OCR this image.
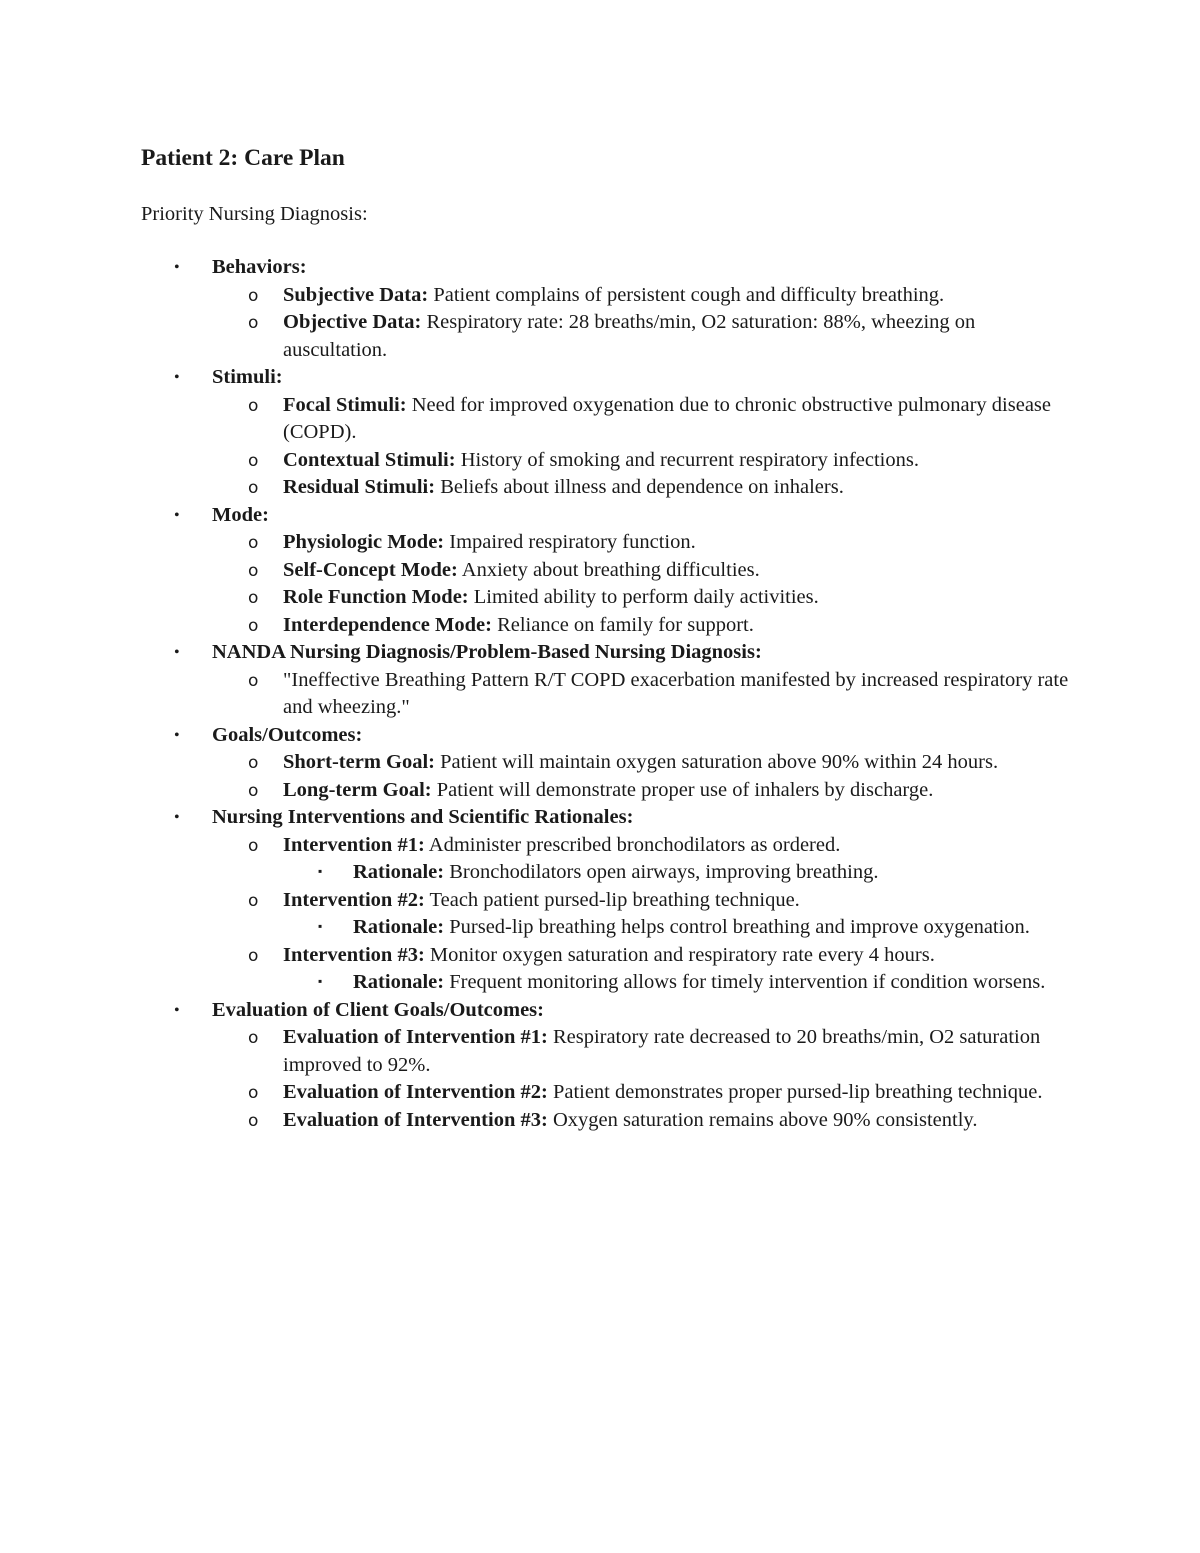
Patient 2: Care Plan

Priority Nursing Diagnosis:

• Behaviors:
o Subjective Data: Patient complains of persistent cough and difficulty breathing.
o Objective Data: Respiratory rate: 28 breaths/min, O2 saturation: 88%, wheezing on auscultation.
• Stimuli:
o Focal Stimuli: Need for improved oxygenation due to chronic obstructive pulmonary disease (COPD).
o Contextual Stimuli: History of smoking and recurrent respiratory infections.
o Residual Stimuli: Beliefs about illness and dependence on inhalers.
• Mode:
o Physiologic Mode: Impaired respiratory function.
o Self-Concept Mode: Anxiety about breathing difficulties.
o Role Function Mode: Limited ability to perform daily activities.
o Interdependence Mode: Reliance on family for support.
• NANDA Nursing Diagnosis/Problem-Based Nursing Diagnosis:
o "Ineffective Breathing Pattern R/T COPD exacerbation manifested by increased respiratory rate and wheezing."
• Goals/Outcomes:
o Short-term Goal: Patient will maintain oxygen saturation above 90% within 24 hours.
o Long-term Goal: Patient will demonstrate proper use of inhalers by discharge.
• Nursing Interventions and Scientific Rationales:
o Intervention #1: Administer prescribed bronchodilators as ordered.
▪ Rationale: Bronchodilators open airways, improving breathing.
o Intervention #2: Teach patient pursed-lip breathing technique.
▪ Rationale: Pursed-lip breathing helps control breathing and improve oxygenation.
o Intervention #3: Monitor oxygen saturation and respiratory rate every 4 hours.
▪ Rationale: Frequent monitoring allows for timely intervention if condition worsens.
• Evaluation of Client Goals/Outcomes:
o Evaluation of Intervention #1: Respiratory rate decreased to 20 breaths/min, O2 saturation improved to 92%.
o Evaluation of Intervention #2: Patient demonstrates proper pursed-lip breathing technique.
o Evaluation of Intervention #3: Oxygen saturation remains above 90% consistently.
